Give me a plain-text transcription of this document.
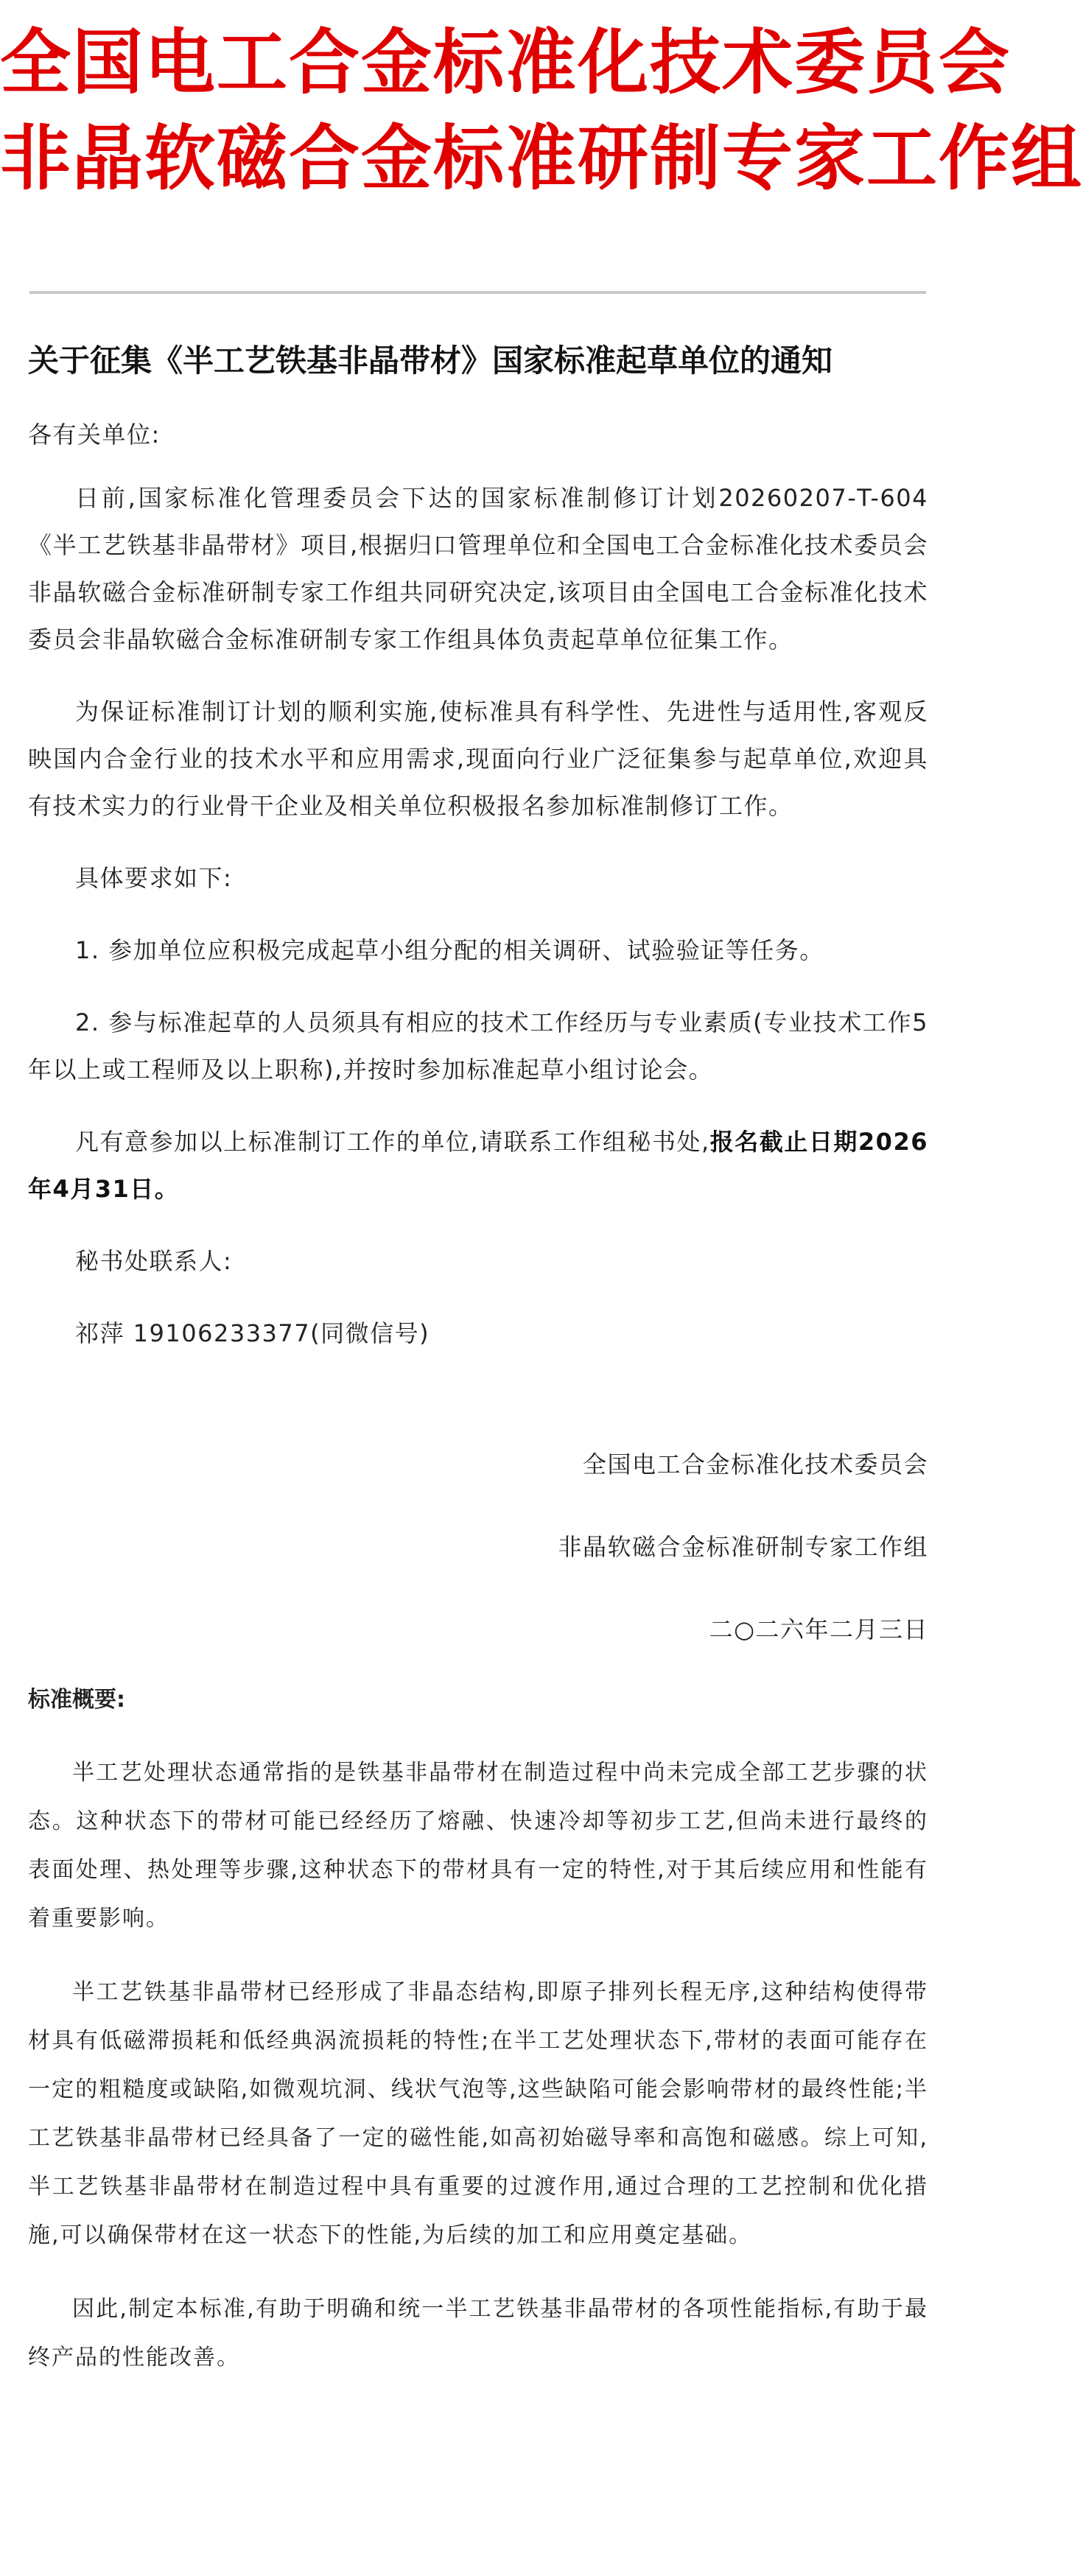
全国电工合金标准化技术委员会
非晶软磁合金标准研制专家工作组
关于征集《半工艺铁基非晶带材》国家标准起草单位的通知

各有关单位:

日前,国家标准化管理委员会下达的国家标准制修订计划20260207-T-604《半工艺铁基非晶带材》项目,根据归口管理单位和全国电工合金标准化技术委员会非晶软磁合金标准研制专家工作组共同研究决定,该项目由全国电工合金标准化技术委员会非晶软磁合金标准研制专家工作组具体负责起草单位征集工作。

为保证标准制订计划的顺利实施,使标准具有科学性、先进性与适用性,客观反映国内合金行业的技术水平和应用需求,现面向行业广泛征集参与起草单位,欢迎具有技术实力的行业骨干企业及相关单位积极报名参加标准制修订工作。

具体要求如下:

1. 参加单位应积极完成起草小组分配的相关调研、试验验证等任务。

2. 参与标准起草的人员须具有相应的技术工作经历与专业素质(专业技术工作5年以上或工程师及以上职称),并按时参加标准起草小组讨论会。

凡有意参加以上标准制订工作的单位,请联系工作组秘书处,报名截止日期2026年4月31日。

秘书处联系人:

祁萍 19106233377(同微信号)

全国电工合金标准化技术委员会

非晶软磁合金标准研制专家工作组

二○二六年二月三日

标准概要:

半工艺处理状态通常指的是铁基非晶带材在制造过程中尚未完成全部工艺步骤的状态。这种状态下的带材可能已经经历了熔融、快速冷却等初步工艺,但尚未进行最终的表面处理、热处理等步骤,这种状态下的带材具有一定的特性,对于其后续应用和性能有着重要影响。

半工艺铁基非晶带材已经形成了非晶态结构,即原子排列长程无序,这种结构使得带材具有低磁滞损耗和低经典涡流损耗的特性;在半工艺处理状态下,带材的表面可能存在一定的粗糙度或缺陷,如微观坑洞、线状气泡等,这些缺陷可能会影响带材的最终性能;半工艺铁基非晶带材已经具备了一定的磁性能,如高初始磁导率和高饱和磁感。综上可知,半工艺铁基非晶带材在制造过程中具有重要的过渡作用,通过合理的工艺控制和优化措施,可以确保带材在这一状态下的性能,为后续的加工和应用奠定基础。

因此,制定本标准,有助于明确和统一半工艺铁基非晶带材的各项性能指标,有助于最终产品的性能改善。
